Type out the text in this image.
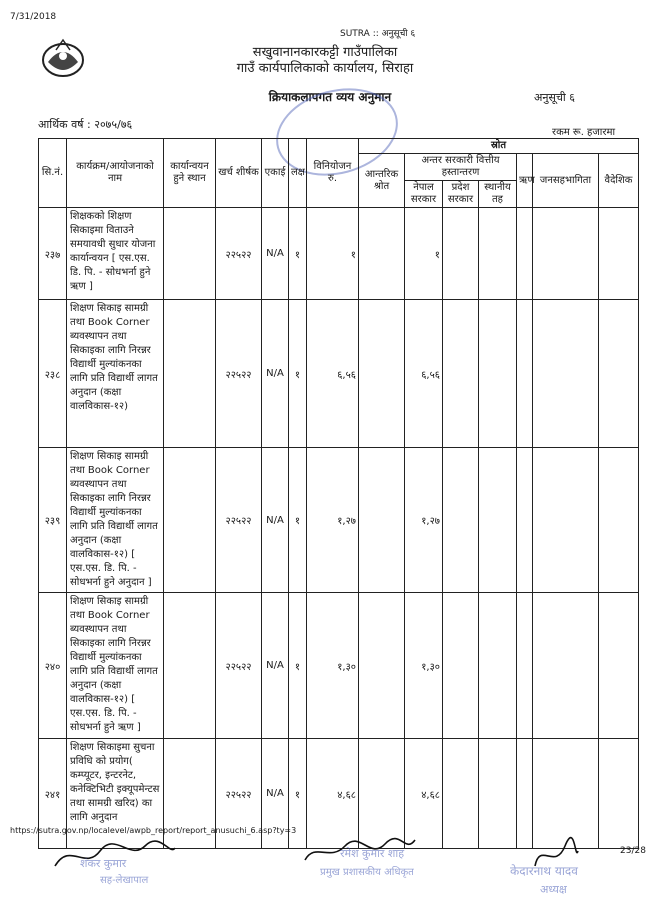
7/31/2018
SUTRA :: अनुसूची ६
सखुवानानकारकट्टी गाउँपालिका
गाउँ कार्यपालिकाको कार्यालय, सिराहा
क्रियाकलापगत व्यय अनुमान	अनुसूची ६
आर्थिक वर्ष : २०७५/७६
रकम रू. हजारमा
सि.नं.	कार्यक्रम/आयोजनाको नाम	कार्यान्वयन हुने स्थान	खर्च शीर्षक	एकाई	लक्ष	विनियोजन रु.	स्रोत						
							आन्तरिक श्रोत	अन्तर सरकारी वित्तीय हस्तान्तरण			ऋण	जनसहभागिता	वैदेशिक
								नेपाल सरकार	प्रदेश सरकार	स्थानीय तह			
२३७	शिक्षकको शिक्षण सिकाइमा विताउने समयावधी सुधार योजना कार्यान्वयन [ एस.एस. डि. पि. - सोधभर्ना हुने ऋण ]		२२५२२	N/A	१	१		१					
२३८	शिक्षण सिकाइ सामग्री तथा Book Corner ब्यवस्थापन तथा सिकाइका लागि निरन्नर विद्यार्थी मुल्यांकनका लागि प्रति विद्यार्थी लागत अनुदान (कक्षा वालविकास-१२)		२२५२२	N/A	१	६,५६		६,५६					
२३९	शिक्षण सिकाइ सामग्री तथा Book Corner ब्यवस्थापन तथा सिकाइका लागि निरन्नर विद्यार्थी मुल्यांकनका लागि प्रति विद्यार्थी लागत अनुदान (कक्षा वालविकास-१२) [ एस.एस. डि. पि. - सोधभर्ना हुने अनुदान ]		२२५२२	N/A	१	१,२७		१,२७					
२४०	शिक्षण सिकाइ सामग्री तथा Book Corner ब्यवस्थापन तथा सिकाइका लागि निरन्नर विद्यार्थी मुल्यांकनका लागि प्रति विद्यार्थी लागत अनुदान (कक्षा वालविकास-१२) [ एस.एस. डि. पि. - सोधभर्ना हुने ऋण ]		२२५२२	N/A	१	१,३०		१,३०					
२४१	शिक्षण सिकाइमा सुचना प्रविधि को प्रयोग( कम्प्यूटर, इन्टरनेट, कनेक्टिभिटी इक्यूपमेन्टस तथा सामग्री खरिद) का लागि अनुदान		२२५२२	N/A	१	४,६८		४,६८					
https://sutra.gov.np/localevel/awpb_report/report_anusuchi_6.asp?ty=3
23/28
शंकर कुमार
सह-लेखापाल
रमेश कुमार शाह
प्रमुख प्रशासकीय अधिकृत	केदारनाथ यादव
अध्यक्ष
